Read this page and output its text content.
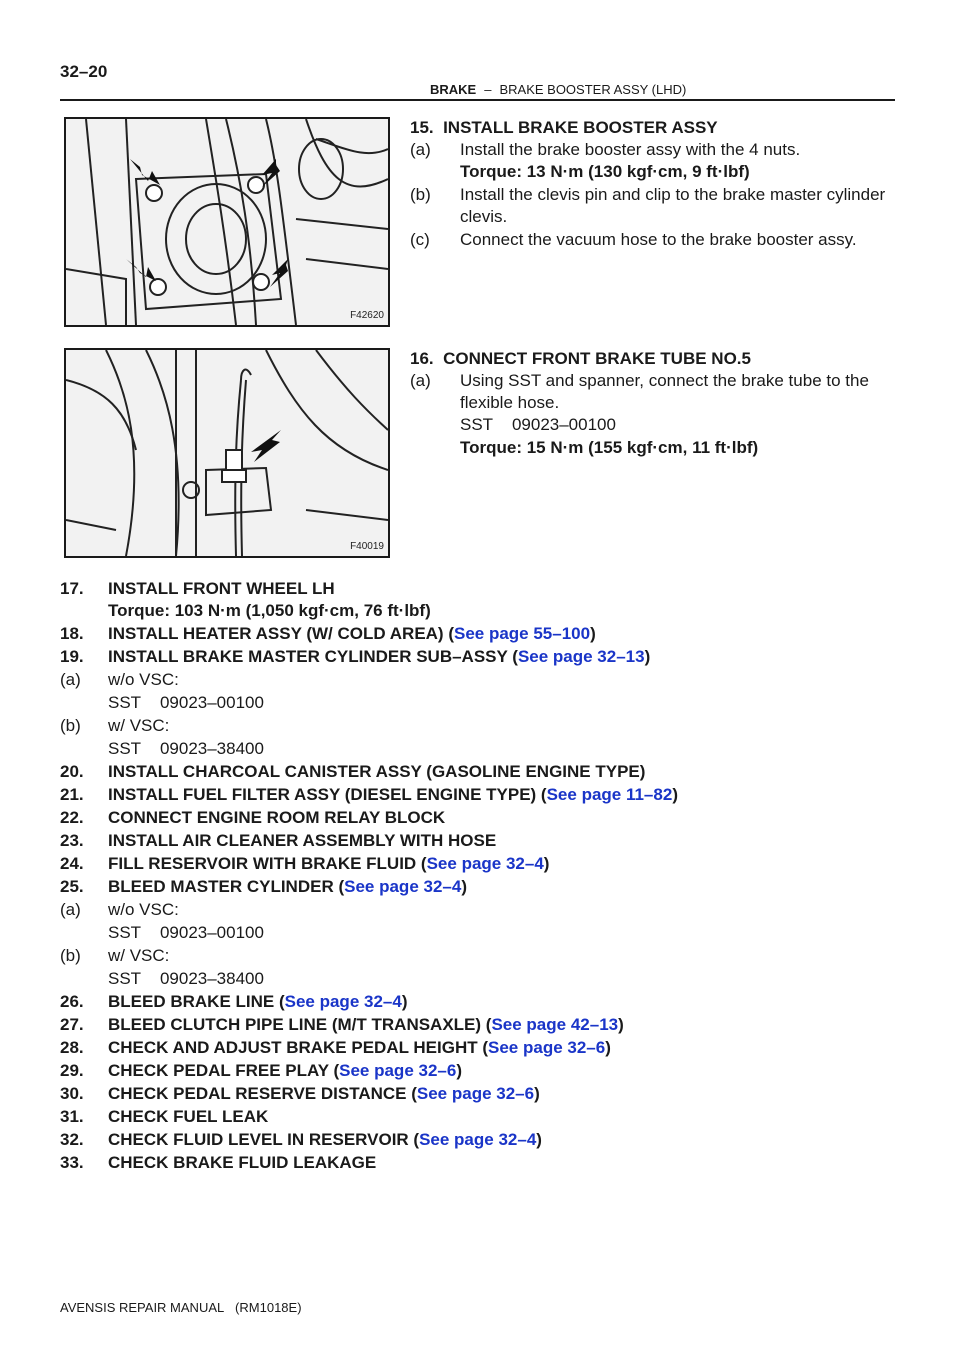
32–20
BRAKE – BRAKE BOOSTER ASSY (LHD)
F42620
F40019
15.  INSTALL BRAKE BOOSTER ASSY
(a) Install the brake booster assy with the 4 nuts.
Torque: 13 N·m (130 kgf·cm, 9 ft·lbf)
(b) Install the clevis pin and clip to the brake master cylinder
clevis.
(c) Connect the vacuum hose to the brake booster assy.
16.  CONNECT FRONT BRAKE TUBE NO.5
(a) Using SST and spanner, connect the brake tube to the
flexible hose.
SST    09023–00100
Torque: 15 N·m (155 kgf·cm, 11 ft·lbf)
17. INSTALL FRONT WHEEL LH
Torque: 103 N·m (1,050 kgf·cm, 76 ft·lbf)
18. INSTALL HEATER ASSY (W/ COLD AREA) (See page 55–100)
19. INSTALL BRAKE MASTER CYLINDER SUB–ASSY (See page 32–13)
(a) w/o VSC:
SST    09023–00100
(b) w/ VSC:
SST    09023–38400
20. INSTALL CHARCOAL CANISTER ASSY (GASOLINE ENGINE TYPE)
21. INSTALL FUEL FILTER ASSY (DIESEL ENGINE TYPE) (See page 11–82)
22. CONNECT ENGINE ROOM RELAY BLOCK
23. INSTALL AIR CLEANER ASSEMBLY WITH HOSE
24. FILL RESERVOIR WITH BRAKE FLUID (See page 32–4)
25. BLEED MASTER CYLINDER (See page 32–4)
(a) w/o VSC:
SST    09023–00100
(b) w/ VSC:
SST    09023–38400
26. BLEED BRAKE LINE (See page 32–4)
27. BLEED CLUTCH PIPE LINE (M/T TRANSAXLE) (See page 42–13)
28. CHECK AND ADJUST BRAKE PEDAL HEIGHT (See page 32–6)
29. CHECK PEDAL FREE PLAY (See page 32–6)
30. CHECK PEDAL RESERVE DISTANCE (See page 32–6)
31. CHECK FUEL LEAK
32. CHECK FLUID LEVEL IN RESERVOIR (See page 32–4)
33. CHECK BRAKE FLUID LEAKAGE
AVENSIS REPAIR MANUAL   (RM1018E)
